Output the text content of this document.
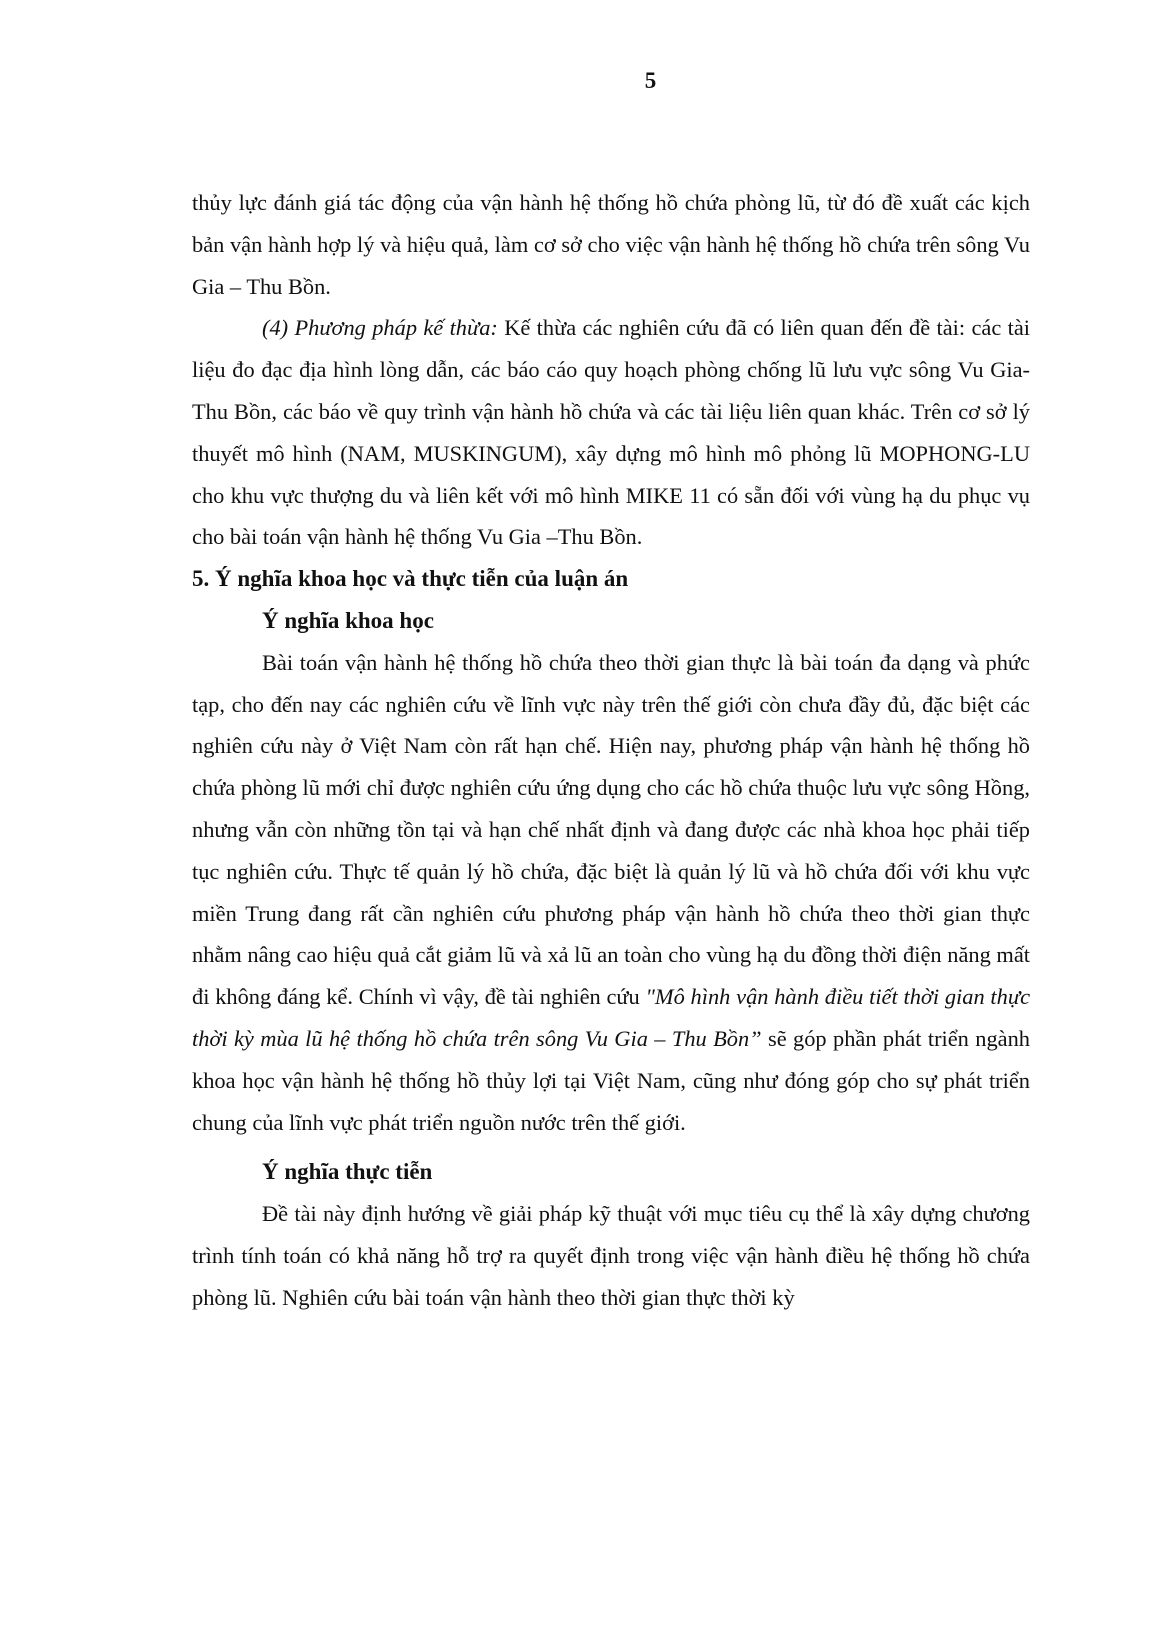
5

thủy lực đánh giá tác động của vận hành hệ thống hồ chứa phòng lũ, từ đó đề xuất các kịch bản vận hành hợp lý và hiệu quả, làm cơ sở cho việc vận hành hệ thống hồ chứa trên sông Vu Gia – Thu Bồn.

(4) Phương pháp kế thừa: Kế thừa các nghiên cứu đã có liên quan đến đề tài: các tài liệu đo đạc địa hình lòng dẫn, các báo cáo quy hoạch phòng chống lũ lưu vực sông Vu Gia-Thu Bồn, các báo về quy trình vận hành hồ chứa và các tài liệu liên quan khác. Trên cơ sở lý thuyết mô hình (NAM, MUSKINGUM), xây dựng mô hình mô phỏng lũ MOPHONG-LU cho khu vực thượng du và liên kết với mô hình MIKE 11 có sẵn đối với vùng hạ du phục vụ cho bài toán vận hành hệ thống Vu Gia –Thu Bồn.

5. Ý nghĩa khoa học và thực tiễn của luận án
Ý nghĩa khoa học

Bài toán vận hành hệ thống hồ chứa theo thời gian thực là bài toán đa dạng và phức tạp, cho đến nay các nghiên cứu về lĩnh vực này trên thế giới còn chưa đầy đủ, đặc biệt các nghiên cứu này ở Việt Nam còn rất hạn chế. Hiện nay, phương pháp vận hành hệ thống hồ chứa phòng lũ mới chỉ được nghiên cứu ứng dụng cho các hồ chứa thuộc lưu vực sông Hồng, nhưng vẫn còn những tồn tại và hạn chế nhất định và đang được các nhà khoa học phải tiếp tục nghiên cứu. Thực tế quản lý hồ chứa, đặc biệt là quản lý lũ và hồ chứa đối với khu vực miền Trung đang rất cần nghiên cứu phương pháp vận hành hồ chứa theo thời gian thực nhằm nâng cao hiệu quả cắt giảm lũ và xả lũ an toàn cho vùng hạ du đồng thời điện năng mất đi không đáng kể. Chính vì vậy, đề tài nghiên cứu "Mô hình vận hành điều tiết thời gian thực thời kỳ mùa lũ hệ thống hồ chứa trên sông Vu Gia – Thu Bồn” sẽ góp phần phát triển ngành khoa học vận hành hệ thống hồ thủy lợi tại Việt Nam, cũng như đóng góp cho sự phát triển chung của lĩnh vực phát triển nguồn nước trên thế giới.

Ý nghĩa thực tiễn

Đề tài này định hướng về giải pháp kỹ thuật với mục tiêu cụ thể là xây dựng chương trình tính toán có khả năng hỗ trợ ra quyết định trong việc vận hành điều hệ thống hồ chứa phòng lũ. Nghiên cứu bài toán vận hành theo thời gian thực thời kỳ
